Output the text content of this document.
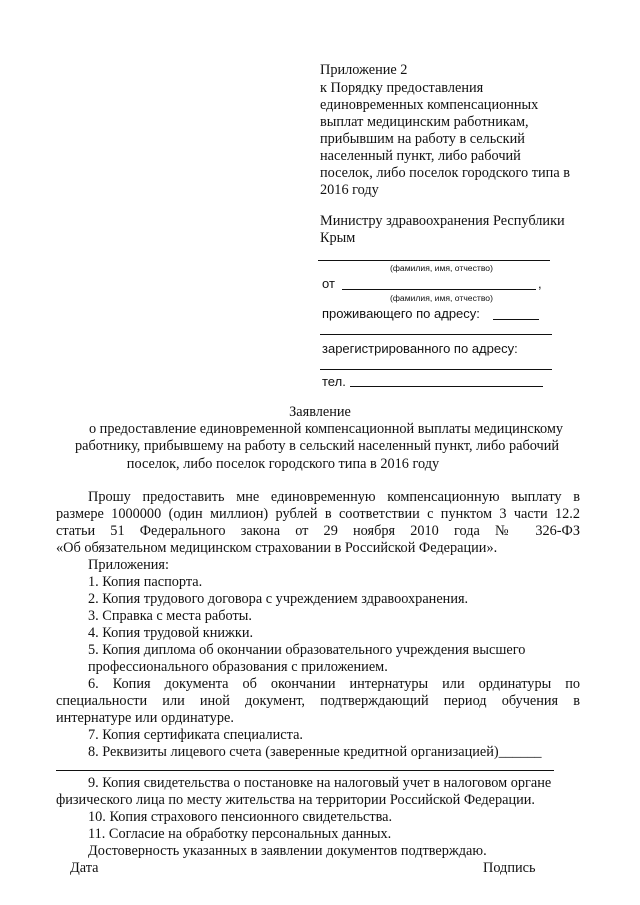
Приложение 2
к Порядку предоставления
единовременных компенсационных
выплат медицинским работникам,
прибывшим на работу в сельский
населенный пункт, либо рабочий
поселок, либо поселок городского типа в
2016 году
Министру здравоохранения Республики
Крым
(фамилия, имя, отчество)
от	,
(фамилия, имя, отчество)
проживающего по адресу:
зарегистрированного по адресу:
тел.
Заявление
о предоставление единовременной компенсационной выплаты медицинскому
работнику, прибывшему на работу в сельский населенный пункт, либо рабочий
поселок, либо поселок городского типа в 2016 году
Прошу предоставить мне единовременную компенсационную выплату в
размере 1000000 (один миллион) рублей в соответствии с пунктом 3 части 12.2
статьи 51 Федерального закона от 29 ноября 2010 года № 326-ФЗ
«Об обязательном медицинском страховании в Российской Федерации».
Приложения:
1. Копия паспорта.
2. Копия трудового договора с учреждением здравоохранения.
3. Справка с места работы.
4. Копия трудовой книжки.
5. Копия диплома об окончании образовательного учреждения высшего
профессионального образования с приложением.
6. Копия документа об окончании интернатуры или ординатуры по
специальности или иной документ, подтверждающий период обучения в
интернатуре или ординатуре.
7. Копия сертификата специалиста.
8. Реквизиты лицевого счета (заверенные кредитной организацией)______
9. Копия свидетельства о постановке на налоговый учет в налоговом органе
физического лица по месту жительства на территории Российской Федерации.
10. Копия страхового пенсионного свидетельства.
11. Согласие на обработку персональных данных.
Достоверность указанных в заявлении документов подтверждаю.
Дата	Подпись
